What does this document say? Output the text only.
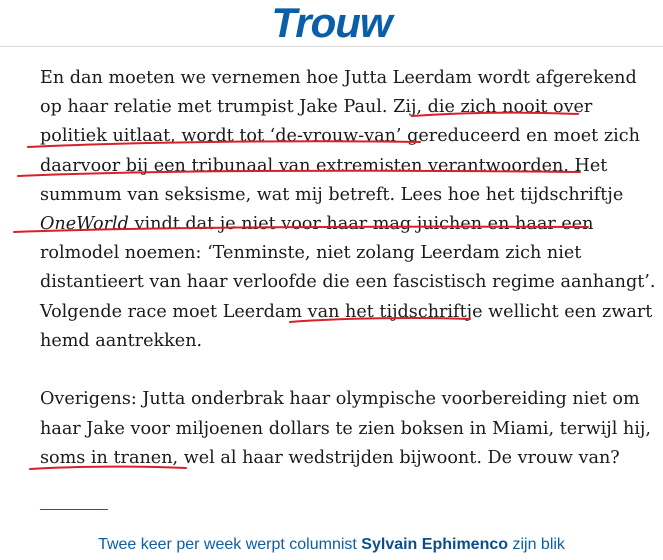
Trouw
En dan moeten we vernemen hoe Jutta Leerdam wordt afgerekend
op haar relatie met trumpist Jake Paul. Zij, die zich nooit over
politiek uitlaat, wordt tot ‘de-vrouw-van’ gereduceerd en moet zich
daarvoor bij een tribunaal van extremisten verantwoorden. Het
summum van seksisme, wat mij betreft. Lees hoe het tijdschriftje
OneWorld vindt dat je niet voor haar mag juichen en haar een
rolmodel noemen: ‘Tenminste, niet zolang Leerdam zich niet
distantieert van haar verloofde die een fascistisch regime aanhangt’.
Volgende race moet Leerdam van het tijdschriftje wellicht een zwart
hemd aantrekken.
Overigens: Jutta onderbrak haar olympische voorbereiding niet om
haar Jake voor miljoenen dollars te zien boksen in Miami, terwijl hij,
soms in tranen, wel al haar wedstrijden bijwoont. De vrouw van?
Twee keer per week werpt columnist Sylvain Ephimenco zijn blik
